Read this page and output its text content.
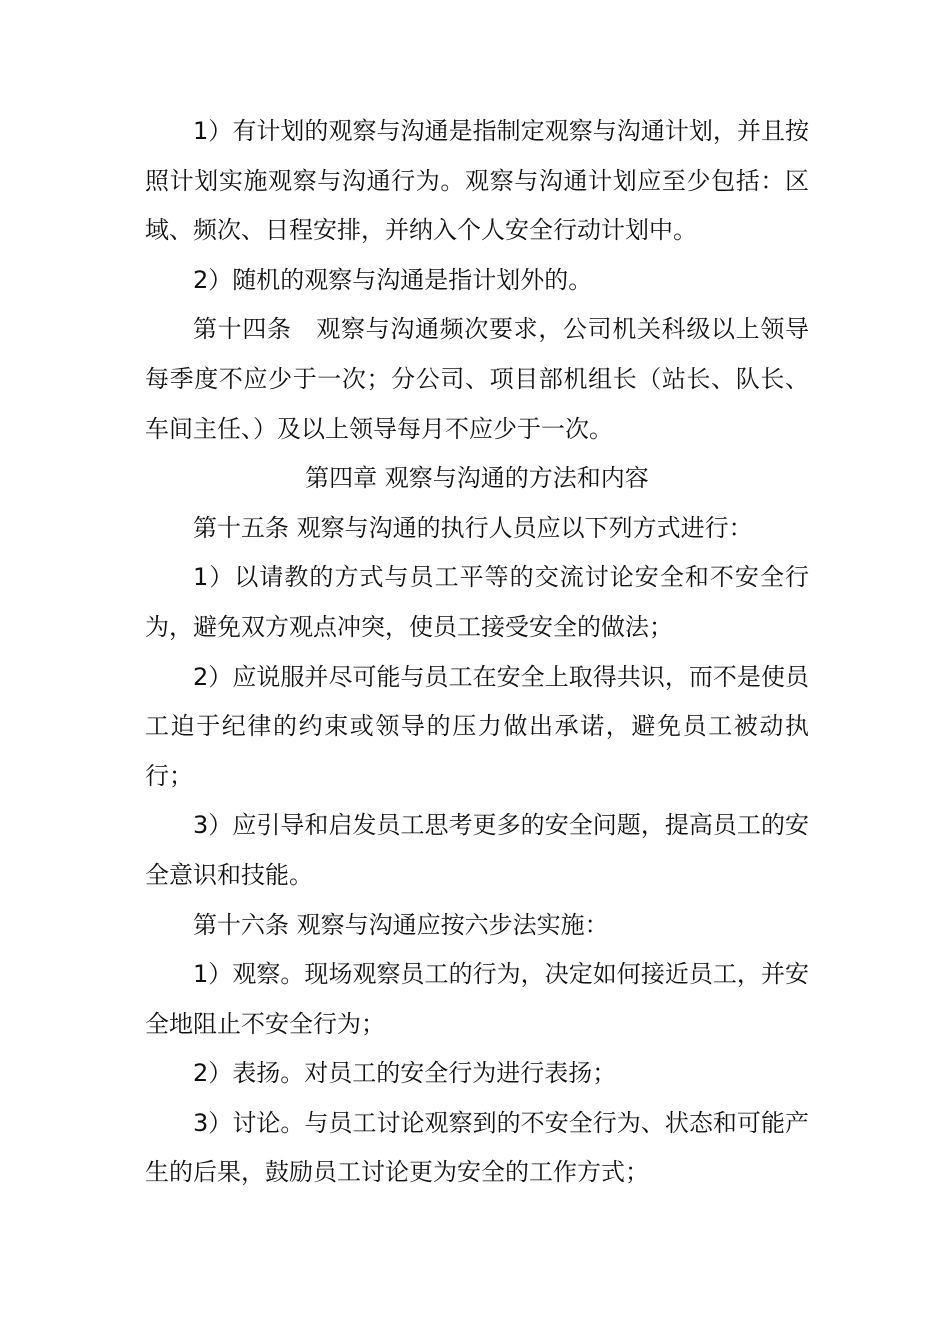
1）有计划的观察与沟通是指制定观察与沟通计划，并且按照计划实施观察与沟通行为。观察与沟通计划应至少包括：区域、频次、日程安排，并纳入个人安全行动计划中。

2）随机的观察与沟通是指计划外的。

第十四条　观察与沟通频次要求，公司机关科级以上领导每季度不应少于一次；分公司、项目部机组长（站长、队长、车间主任、）及以上领导每月不应少于一次。

第四章 观察与沟通的方法和内容

第十五条 观察与沟通的执行人员应以下列方式进行：

1）以请教的方式与员工平等的交流讨论安全和不安全行为，避免双方观点冲突，使员工接受安全的做法；

2）应说服并尽可能与员工在安全上取得共识，而不是使员工迫于纪律的约束或领导的压力做出承诺，避免员工被动执行；

3）应引导和启发员工思考更多的安全问题，提高员工的安全意识和技能。

第十六条 观察与沟通应按六步法实施：

1）观察。现场观察员工的行为，决定如何接近员工，并安全地阻止不安全行为；

2）表扬。对员工的安全行为进行表扬；

3）讨论。与员工讨论观察到的不安全行为、状态和可能产生的后果，鼓励员工讨论更为安全的工作方式；
